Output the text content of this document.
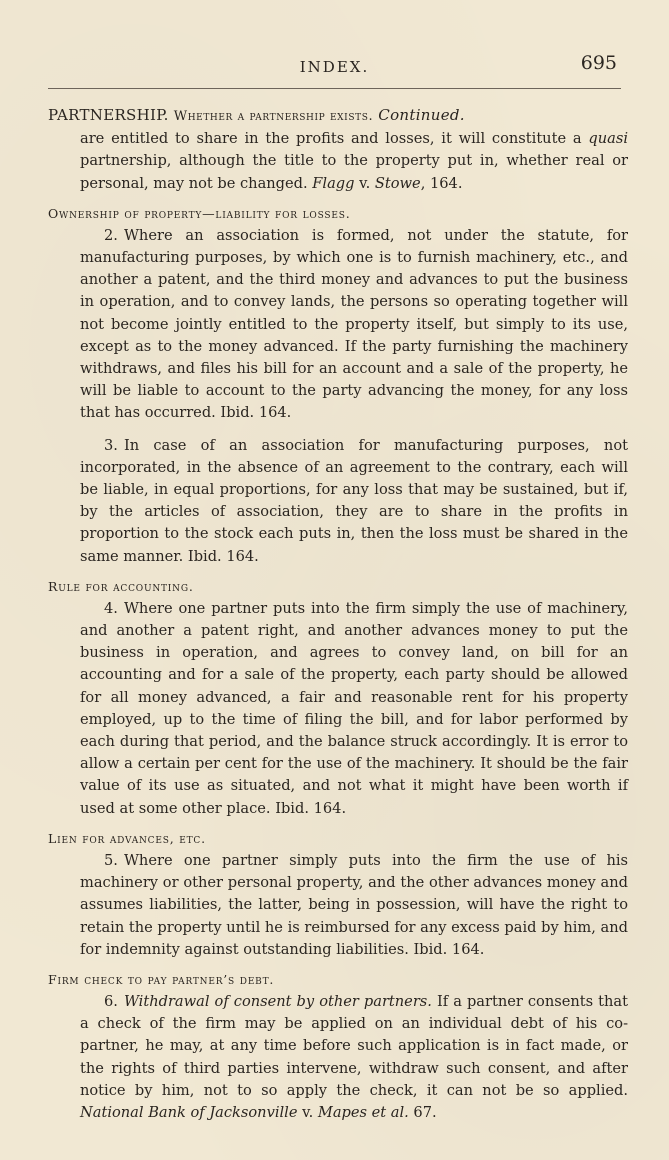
INDEX.	695

PARTNERSHIP. Whether a partnership exists. Continued.

are entitled to share in the profits and losses, it will constitute a quasi partnership, although the title to the property put in, whether real or personal, may not be changed. Flagg v. Stowe, 164.

Ownership of property—liability for losses.

2. Where an association is formed, not under the statute, for manufacturing purposes, by which one is to furnish machinery, etc., and another a patent, and the third money and advances to put the business in operation, and to convey lands, the persons so operating together will not become jointly entitled to the property itself, but simply to its use, except as to the money advanced. If the party furnishing the machinery withdraws, and files his bill for an account and a sale of the property, he will be liable to account to the party advancing the money, for any loss that has occurred. Ibid. 164.

3. In case of an association for manufacturing purposes, not incorporated, in the absence of an agreement to the contrary, each will be liable, in equal proportions, for any loss that may be sustained, but if, by the articles of association, they are to share in the profits in proportion to the stock each puts in, then the loss must be shared in the same manner. Ibid. 164.

Rule for accounting.

4. Where one partner puts into the firm simply the use of machinery, and another a patent right, and another advances money to put the business in operation, and agrees to convey land, on bill for an accounting and for a sale of the property, each party should be allowed for all money advanced, a fair and reasonable rent for his property employed, up to the time of filing the bill, and for labor performed by each during that period, and the balance struck accordingly. It is error to allow a certain per cent for the use of the machinery. It should be the fair value of its use as situated, and not what it might have been worth if used at some other place. Ibid. 164.

Lien for advances, etc.

5. Where one partner simply puts into the firm the use of his machinery or other personal property, and the other advances money and assumes liabilities, the latter, being in possession, will have the right to retain the property until he is reimbursed for any excess paid by him, and for indemnity against outstanding liabilities. Ibid. 164.

Firm check to pay partner’s debt.

6. Withdrawal of consent by other partners. If a partner consents that a check of the firm may be applied on an individual debt of his co-partner, he may, at any time before such application is in fact made, or the rights of third parties intervene, withdraw such consent, and after notice by him, not to so apply the check, it can not be so applied. National Bank of Jacksonville v. Mapes et al. 67.
